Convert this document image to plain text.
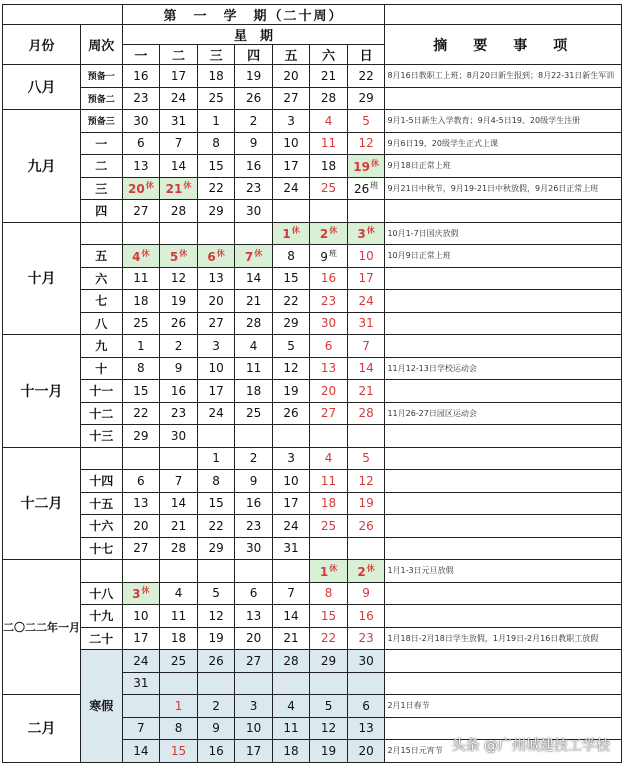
		第　一　学　期（二十周）							
月份	周次	星　期							摘　要　事　项
		一	二	三	四	五	六	日	
八月	预备一	16	17	18	19	20	21	22	8月16日教职工上班；8月20日新生报到；8月22-31日新生军训
	预备二	23	24	25	26	27	28	29	
九月	预备三	30	31	1	2	3	4	5	9月1-5日新生入学教育；9月4-5日19、20级学生注册
	一	6	7	8	9	10	11	12	9月6日19、20级学生正式上课
	二	13	14	15	16	17	18	$19^休$	9月18日正常上班
	三	$20^休$	$21^休$	22	23	24	25	$26^班$	9月21日中秋节，9月19-21日中秋放假，9月26日正常上班
	四	27	28	29	30				
十月						$1^休$	$2^休$	$3^休$	10月1-7日国庆放假
	五	$4^休$	$5^休$	$6^休$	$7^休$	8	$9^班$	10	10月9日正常上班
	六	11	12	13	14	15	16	17	
	七	18	19	20	21	22	23	24	
	八	25	26	27	28	29	30	31	
十一月	九	1	2	3	4	5	6	7	
	十	8	9	10	11	12	13	14	11月12-13日学校运动会
	十一	15	16	17	18	19	20	21	
	十二	22	23	24	25	26	27	28	11月26-27日园区运动会
	十三	29	30						
十二月				1	2	3	4	5	
	十四	6	7	8	9	10	11	12	
	十五	13	14	15	16	17	18	19	
	十六	20	21	22	23	24	25	26	
	十七	27	28	29	30	31			
二〇二二年一月							$1^休$	$2^休$	1月1-3日元旦放假
	十八	$3^休$	4	5	6	7	8	9	
	十九	10	11	12	13	14	15	16	
	二十	17	18	19	20	21	22	23	1月18日-2月18日学生放假，1月19日-2月16日教职工放假
	寒假	24	25	26	27	28	29	30	
		31							
二月			1	2	3	4	5	6	2月1日春节
		7	8	9	10	11	12	13	
		14	15	16	17	18	19	20	2月15日元宵节 头条 @广州城建技工学校
